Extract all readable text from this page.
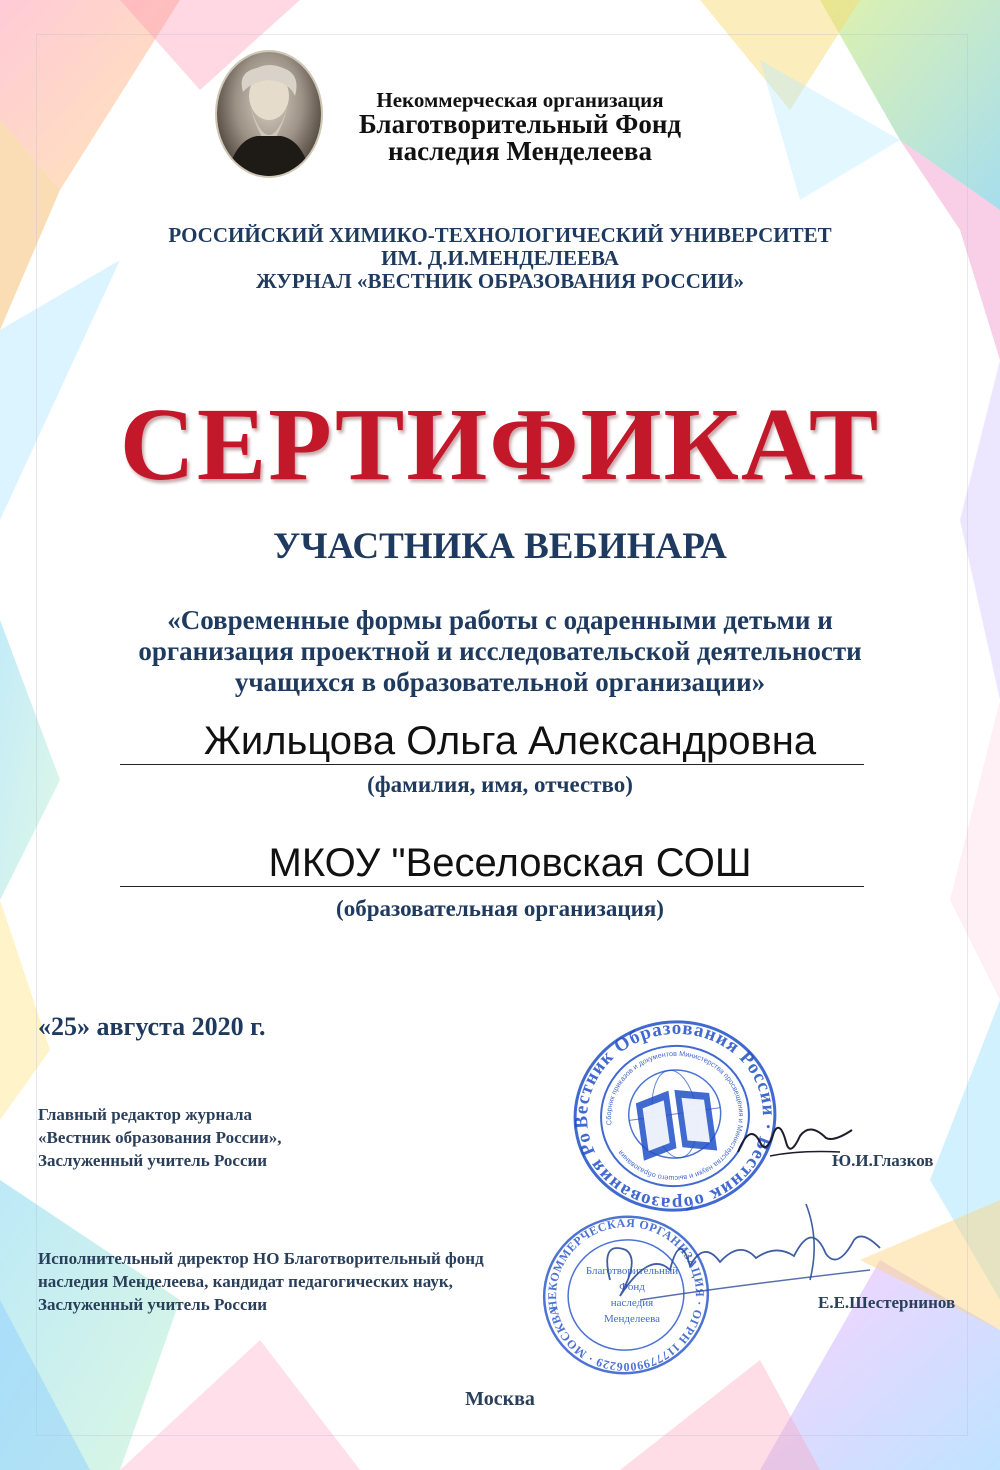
Некоммерческая организация
Благотворительный Фонд
наследия Менделеева
РОССИЙСКИЙ ХИМИКО-ТЕХНОЛОГИЧЕСКИЙ УНИВЕРСИТЕТ
ИМ. Д.И.МЕНДЕЛЕЕВА
ЖУРНАЛ «ВЕСТНИК ОБРАЗОВАНИЯ РОССИИ»
СЕРТИФИКАТ
УЧАСТНИКА ВЕБИНАРА
«Современные формы работы с одаренными детьми и
организация проектной и исследовательской деятельности
учащихся в образовательной организации»
Жильцова Ольга Александровна
(фамилия, имя, отчество)
МКОУ "Веселовская СОШ
(образовательная организация)
«25» августа 2020 г.
Главный редактор журнала
«Вестник образования России»,
Заслуженный учитель России	Ю.И.Глазков
Исполнительный директор НО Благотворительный фонд
наследия Менделеева, кандидат педагогических наук,
Заслуженный учитель России	Е.Е.Шестернинов
Вестник Образования России · Вестник образования России
Сборник приказов и документов Министерства просвещения и Министерства науки и высшего образования
НЕКОММЕРЧЕСКАЯ ОРГАНИЗАЦИЯ · ОГРН 1177799006229 · МОСКВА
Благотворительный
Фонд
наследия
Менделеева
Москва
